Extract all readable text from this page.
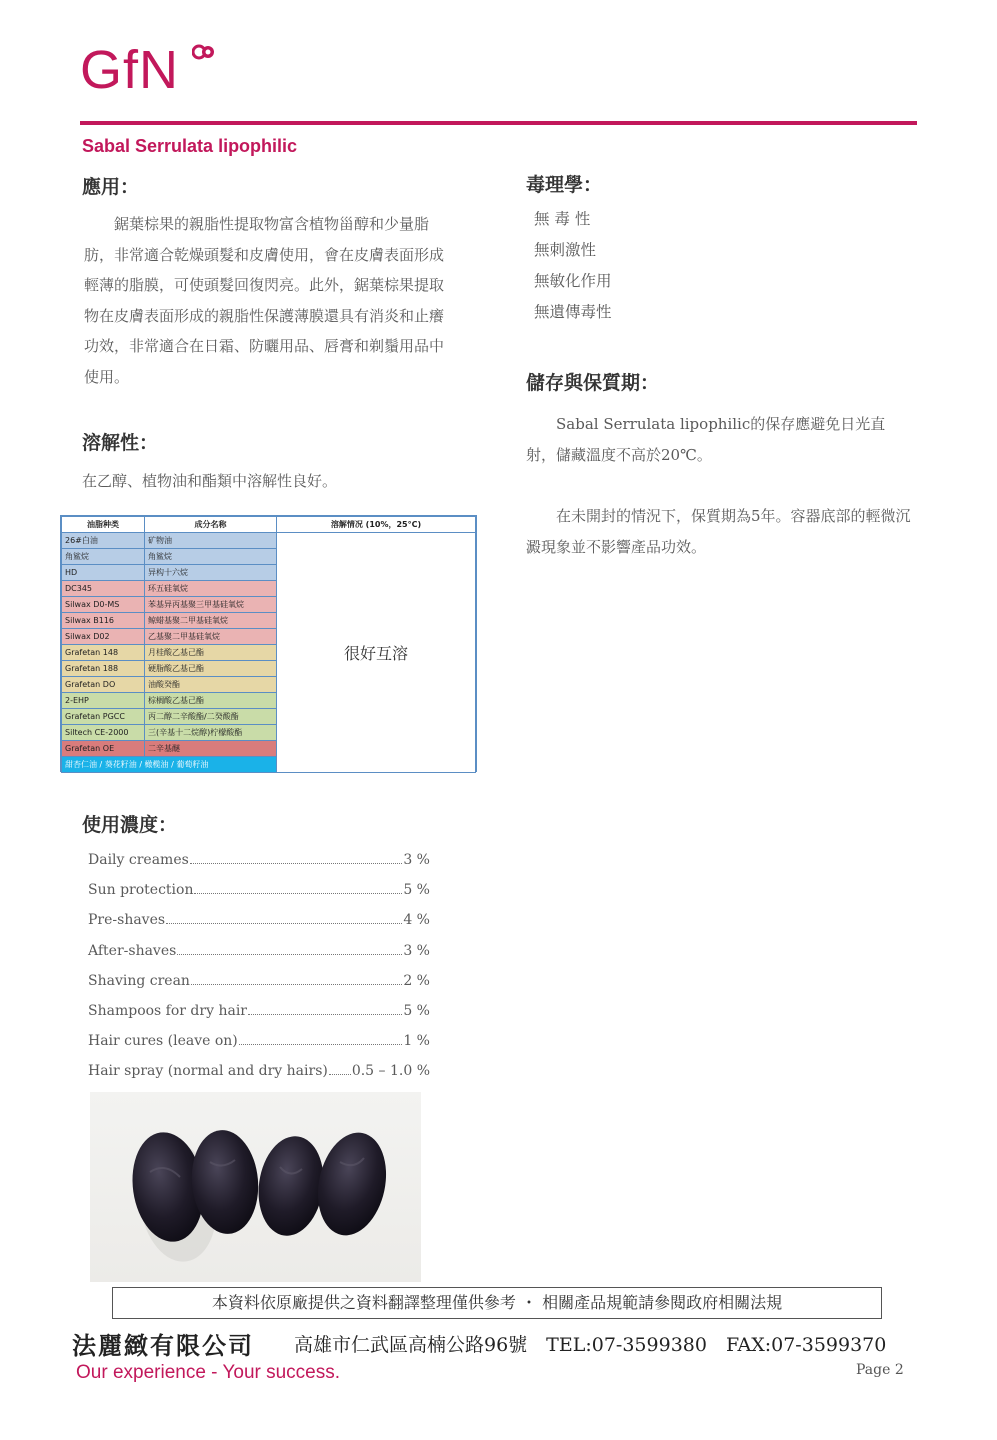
GfN
Sabal Serrulata lipophilic
應用：
　　鋸葉棕果的親脂性提取物富含植物甾醇和少量脂肪，非常適合乾燥頭髮和皮膚使用，會在皮膚表面形成輕薄的脂膜，可使頭髮回復閃亮。此外，鋸葉棕果提取物在皮膚表面形成的親脂性保護薄膜還具有消炎和止癢功效，非常適合在日霜、防曬用品、唇膏和剃鬚用品中使用。
溶解性：
在乙醇、植物油和酯類中溶解性良好。
油脂种类	成分名称	溶解情况 (10%，25°C)
26#白油	矿物油	很好互溶
角鲨烷	角鲨烷	
HD	异构十六烷	
DC345	环五硅氧烷	
Silwax D0-MS	苯基异丙基聚三甲基硅氧烷	
Silwax B116	鲸蜡基聚二甲基硅氧烷	
Silwax D02	乙基聚二甲基硅氧烷	
Grafetan 148	月桂酸乙基己酯	
Grafetan 188	硬脂酸乙基己酯	
Grafetan DO	油酸癸酯	
2-EHP	棕榈酸乙基己酯	
Grafetan PGCC	丙二醇二辛酸酯/二癸酸酯	
Siltech CE-2000	三(辛基十二烷醇)柠檬酸酯	
Grafetan OE	二辛基醚	
甜杏仁油 / 葵花籽油 / 橄榄油 / 葡萄籽油		
使用濃度：
Daily creames	3 %
Sun protection	5 %
Pre-shaves	4 %
After-shaves	3 %
Shaving crean	2 %
Shampoos for dry hair	5 %
Hair cures (leave on)	1 %
Hair spray (normal and dry hairs) 0.5 – 1.0 %
毒理學：
無 毒 性
無刺激性
無敏化作用
無遺傳毒性
儲存與保質期：
　　Sabal Serrulata lipophilic的保存應避免日光直射，儲藏溫度不高於20℃。
　　在未開封的情況下，保質期為5年。容器底部的輕微沉澱現象並不影響產品功效。
本資料依原廠提供之資料翻譯整理僅供參考 ・ 相關產品規範請參閱政府相關法規
法麗緻有限公司 高雄市仁武區高楠公路96號　TEL:07-3599380　FAX:07-3599370
Our experience - Your success.	Page 2
